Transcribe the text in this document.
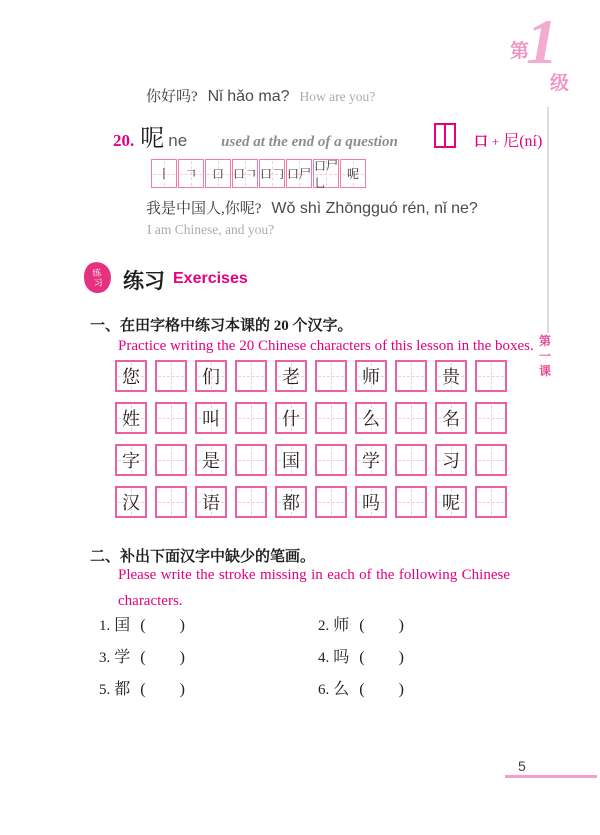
第
1
级
第
一
课
你好吗? Nǐ hǎo ma? How are you?
20. 呢 ne used at the end of a question	口 + 尼(ní)
丨 𠃍 口 口𠃍 口𠃌 口尸
口尸乚
呢
我是中国人,你呢? Wǒ shì Zhōngguó rén, nǐ ne?
I am Chinese, and you?
练习 练习 Exercises
一、在田字格中练习本课的 20 个汉字。
Practice writing the 20 Chinese characters of this lesson in the boxes.
您	们	老	师	贵
姓	叫	什	么	名
字	是	国	学	习
汉	语	都	吗	呢
二、补出下面汉字中缺少的笔画。
Please write the stroke missing in each of the following Chinese
characters.
1. 囯 ( )	2. 师 ( )
3. 学 ( )	4. 吗 ( )
5. 都 ( )	6. 么 ( )
5
